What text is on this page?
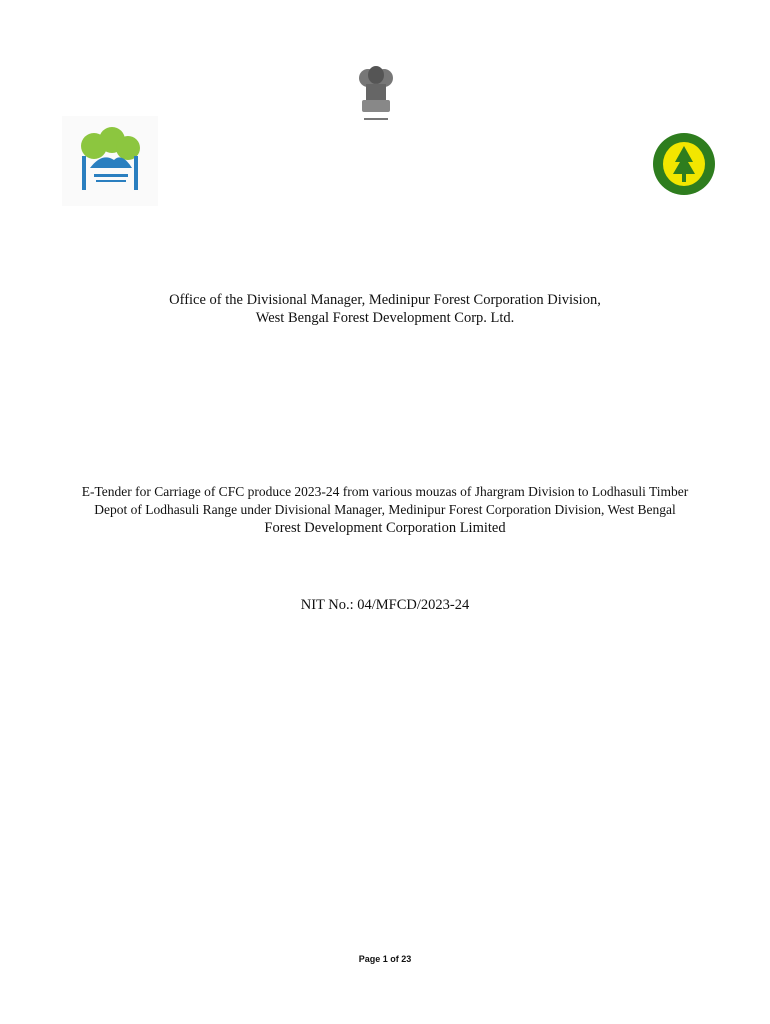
Office of the Divisional Manager, Medinipur Forest Corporation Division,
West Bengal Forest Development Corp. Ltd.
E-Tender for Carriage of CFC produce 2023-24 from various mouzas of Jhargram Division to Lodhasuli Timber
Depot of Lodhasuli Range under Divisional Manager, Medinipur Forest Corporation Division, West Bengal
Forest Development Corporation Limited
NIT No.: 04/MFCD/2023-24
Page 1 of 23
